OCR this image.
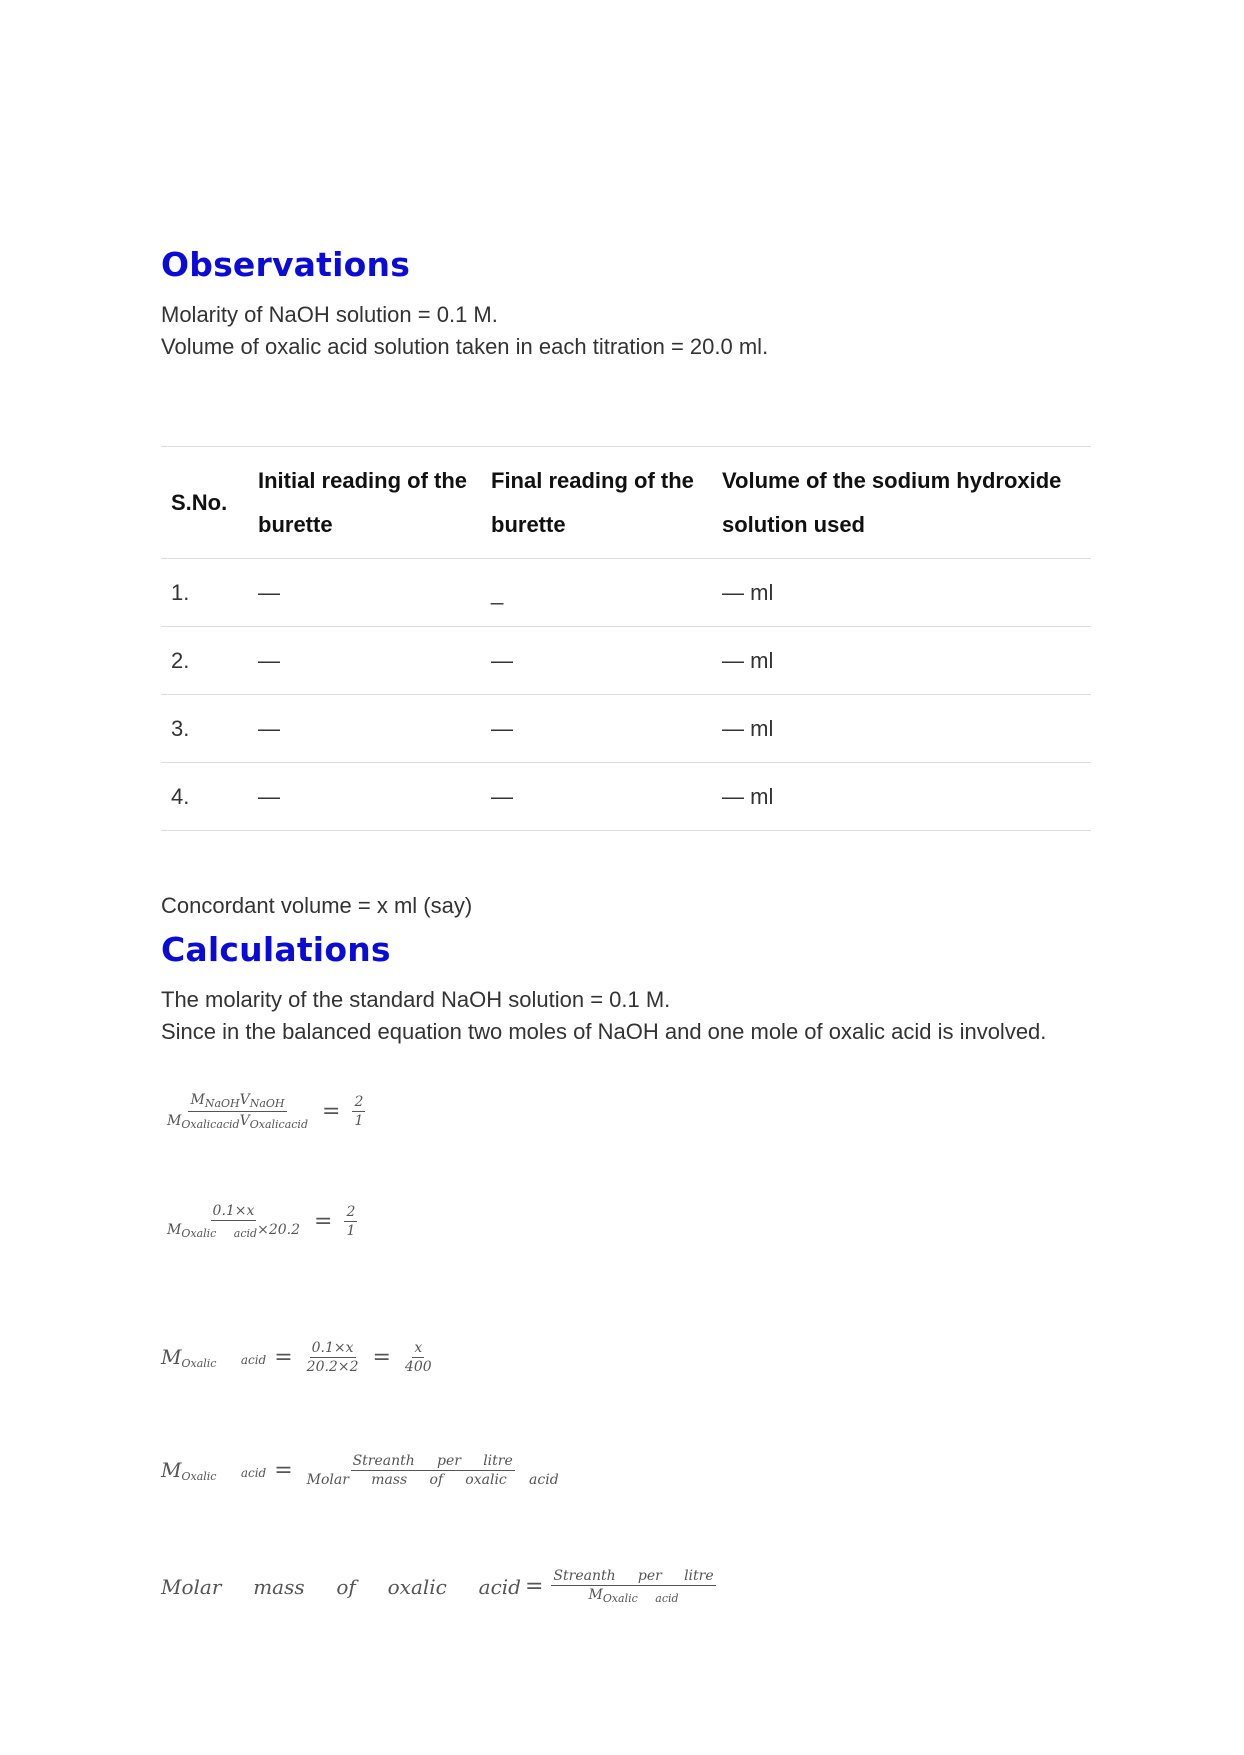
Observations

Molarity of NaOH solution = 0.1 M.

Volume of oxalic acid solution taken in each titration = 20.0 ml.

S.No.	Initial reading of the burette	Final reading of the burette	Volume of the sodium hydroxide solution used
1.	—	_	— ml
2.	—	—	— ml
3.	—	—	— ml
4.	—	—	— ml

Concordant volume = x ml (say)

Calculations

The molarity of the standard NaOH solution = 0.1 M.

Since in the balanced equation two moles of NaOH and one mole of oxalic acid is involved.

$\frac{M_{NaOH}V_{NaOH}}{M_{Oxalicacid}V_{Oxalicacid}} = \frac{2}{1}$
$\frac{0.1\times x}{M_{Oxalic acid}\times 20.2} = \frac{2}{1}$
$M_{Oxalic}$ acid = $\frac{0.1\times x}{20.2\times 2} = \frac{x}{400}$
$M_{Oxalic}$ acid = $\frac{\text{Streanth     per     litre}}{\text{Molar     mass     of     oxalic     acid}}$
Molar     mass     of     oxalic     acid = $\frac{\text{Streanth     per     litre}}{M_{Oxalic acid}}$
